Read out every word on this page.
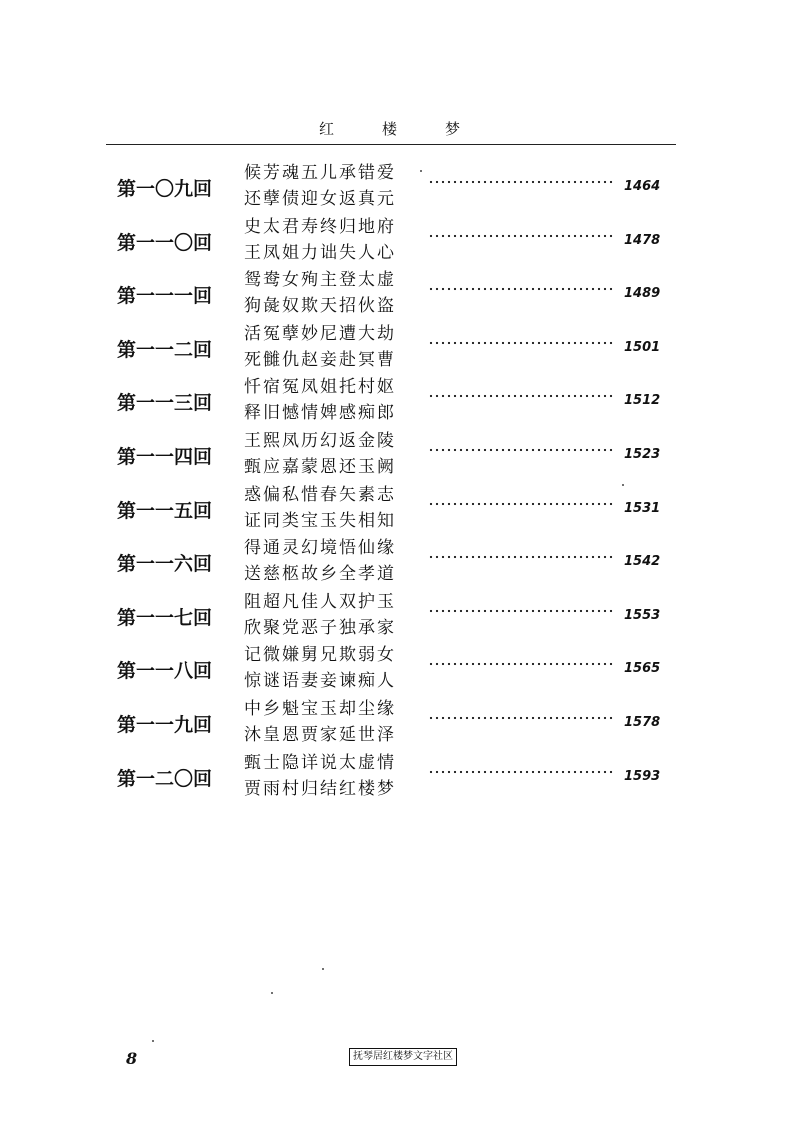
红	楼	梦
第一〇九回
候芳魂五儿承错爱
还孽债迎女返真元
1464
第一一〇回
史太君寿终归地府
王凤姐力诎失人心
1478
第一一一回
鸳鸯女殉主登太虚
狗彘奴欺天招伙盗
1489
第一一二回
活冤孽妙尼遭大劫
死雠仇赵妾赴冥曹
1501
第一一三回
忏宿冤凤姐托村妪
释旧憾情婢感痴郎
1512
第一一四回
王熙凤历幻返金陵
甄应嘉蒙恩还玉阙
1523
第一一五回
惑偏私惜春矢素志
证同类宝玉失相知
1531
第一一六回
得通灵幻境悟仙缘
送慈柩故乡全孝道
1542
第一一七回
阻超凡佳人双护玉
欣聚党恶子独承家
1553
第一一八回
记微嫌舅兄欺弱女
惊谜语妻妾谏痴人
1565
第一一九回
中乡魁宝玉却尘缘
沐皇恩贾家延世泽
1578
第一二〇回
甄士隐详说太虚情
贾雨村归结红楼梦
1593
8	抚琴居红楼梦文字社区
